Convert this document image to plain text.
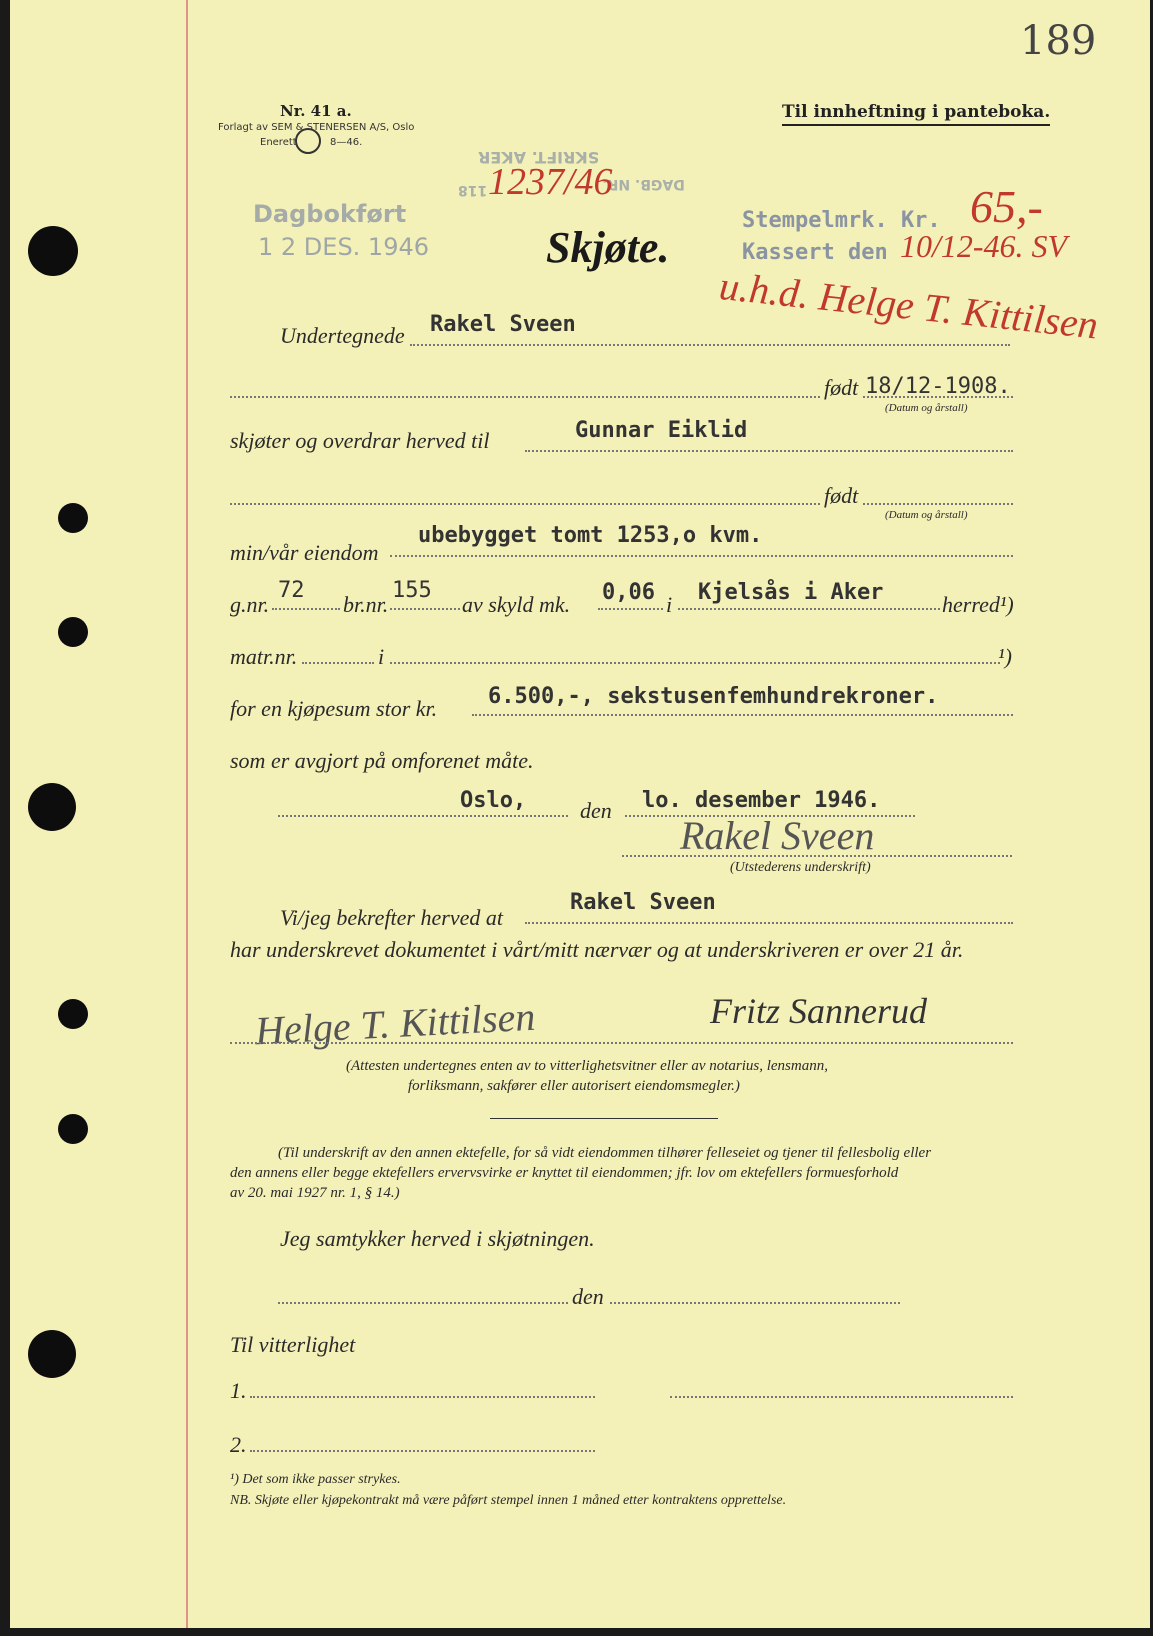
189
Nr. 41 a.
Forlagt av SEM & STENERSEN A/S, Oslo
Enerett	8—46.
Til innheftning i panteboka.
Dagbokført
1 2 DES. 1946
SKRIFT. AKER
DAGB. NR.
118 1237/46
Stempelmrk. Kr. 65,-
Kassert den 10/12-46. SV
u.h.d. Helge T. Kittilsen
Skjøte.
Undertegnede Rakel Sveen
født 18/12-1908.
(Datum og årstall)
skjøter og overdrar herved til	Gunnar Eiklid
født
(Datum og årstall)
min/vår eiendom
ubebygget tomt 1253,o kvm.
g.nr.
72
br.nr.
155
av skyld mk. 0,06 i Kjelsås i Aker	herred¹)
matr.nr.	i	¹)
for en kjøpesum stor kr. 6.500,-, sekstusenfemhundrekroner.
som er avgjort på omforenet måte.
Oslo, den lo. desember 1946.
Rakel Sveen
(Utstederens underskrift)
Vi/jeg bekrefter herved at
Rakel Sveen
har underskrevet dokumentet i vårt/mitt nærvær og at underskriveren er over 21 år.
Helge T. Kittilsen	Fritz Sannerud
(Attesten undertegnes enten av to vitterlighetsvitner eller av notarius, lensmann,
forliksmann, sakfører eller autorisert eiendomsmegler.)
(Til underskrift av den annen ektefelle, for så vidt eiendommen tilhører felleseiet og tjener til fellesbolig eller
den annens eller begge ektefellers ervervsvirke er knyttet til eiendommen; jfr. lov om ektefellers formuesforhold
av 20. mai 1927 nr. 1, § 14.)
Jeg samtykker herved i skjøtningen.
den
Til vitterlighet
1.
2.
¹) Det som ikke passer strykes.
NB. Skjøte eller kjøpekontrakt må være påført stempel innen 1 måned etter kontraktens opprettelse.
